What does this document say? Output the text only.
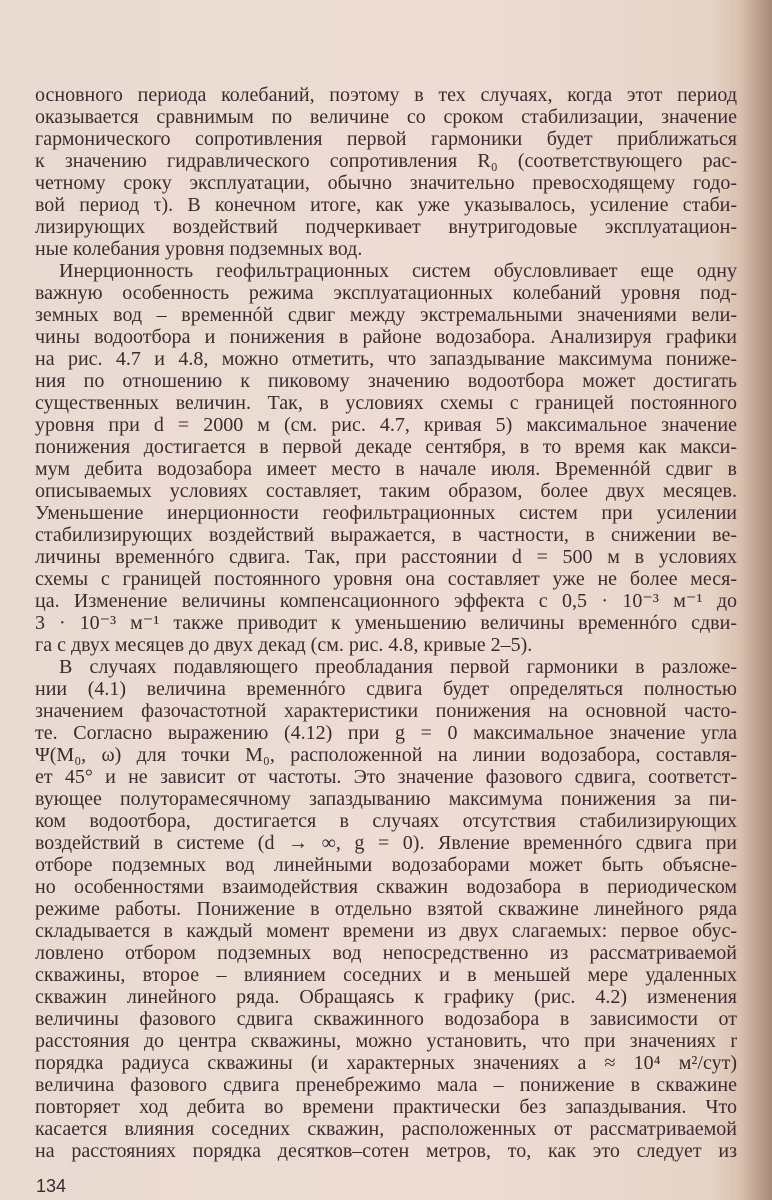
основного периода колебаний, поэтому в тех случаях, когда этот период
оказывается сравнимым по величине со сроком стабилизации, значение
гармонического сопротивления первой гармоники будет приближаться
к значению гидравлического сопротивления R₀ (соответствующего рас-
четному сроку эксплуатации, обычно значительно превосходящему годо-
вой период τ). В конечном итоге, как уже указывалось, усиление стаби-
лизирующих воздействий подчеркивает внутригодовые эксплуатацион-
ные колебания уровня подземных вод.
Инерционность геофильтрационных систем обусловливает еще одну
важную особенность режима эксплуатационных колебаний уровня под-
земных вод – временнóй сдвиг между экстремальными значениями вели-
чины водоотбора и понижения в районе водозабора. Анализируя графики
на рис. 4.7 и 4.8, можно отметить, что запаздывание максимума пониже-
ния по отношению к пиковому значению водоотбора может достигать
существенных величин. Так, в условиях схемы с границей постоянного
уровня при d = 2000 м (см. рис. 4.7, кривая 5) максимальное значение
понижения достигается в первой декаде сентября, в то время как макси-
мум дебита водозабора имеет место в начале июля. Временнóй сдвиг в
описываемых условиях составляет, таким образом, более двух месяцев.
Уменьшение инерционности геофильтрационных систем при усилении
стабилизирующих воздействий выражается, в частности, в снижении ве-
личины временнóго сдвига. Так, при расстоянии d = 500 м в условиях
схемы с границей постоянного уровня она составляет уже не более меся-
ца. Изменение величины компенсационного эффекта с 0,5 · 10⁻³ м⁻¹ до
3 · 10⁻³ м⁻¹ также приводит к уменьшению величины временнóго сдви-
га с двух месяцев до двух декад (см. рис. 4.8, кривые 2–5).
В случаях подавляющего преобладания первой гармоники в разложе-
нии (4.1) величина временнóго сдвига будет определяться полностью
значением фазочастотной характеристики понижения на основной часто-
те. Согласно выражению (4.12) при g = 0 максимальное значение угла
Ψ(M₀, ω) для точки M₀, расположенной на линии водозабора, составля-
ет 45° и не зависит от частоты. Это значение фазового сдвига, соответст-
вующее полуторамесячному запаздыванию максимума понижения за пи-
ком водоотбора, достигается в случаях отсутствия стабилизирующих
воздействий в системе (d → ∞, g = 0). Явление временнóго сдвига при
отборе подземных вод линейными водозаборами может быть объясне-
но особенностями взаимодействия скважин водозабора в периодическом
режиме работы. Понижение в отдельно взятой скважине линейного ряда
складывается в каждый момент времени из двух слагаемых: первое обус-
ловлено отбором подземных вод непосредственно из рассматриваемой
скважины, второе – влиянием соседних и в меньшей мере удаленных
скважин линейного ряда. Обращаясь к графику (рис. 4.2) изменения
величины фазового сдвига скважинного водозабора в зависимости от
расстояния до центра скважины, можно установить, что при значениях r
порядка радиуса скважины (и характерных значениях a ≈ 10⁴ м²/сут)
величина фазового сдвига пренебрежимо мала – понижение в скважине
повторяет ход дебита во времени практически без запаздывания. Что
касается влияния соседних скважин, расположенных от рассматриваемой
на расстояниях порядка десятков–сотен метров, то, как это следует из
134
